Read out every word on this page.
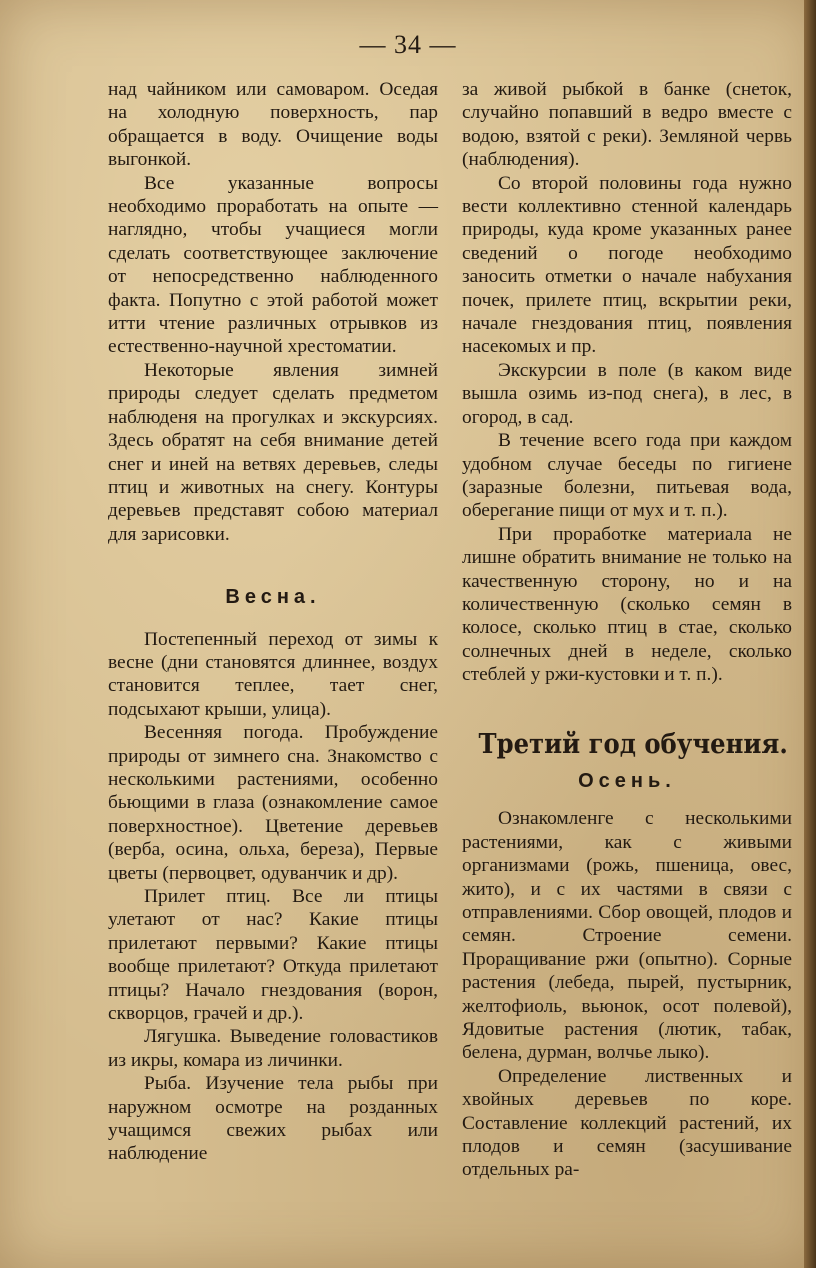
— 34 —

над чайником или самоваром. Оседая на холодную поверхность, пар обращается в воду. Очищение воды выгонкой.

Все указанные вопросы необходимо проработать на опыте — наглядно, чтобы учащиеся могли сделать соответствующее заключение от непосредственно наблюденного факта. Попутно с этой работой может итти чтение различных отрывков из естественно-научной хрестоматии.

Некоторые явления зимней природы следует сделать предметом наблюденя на прогулках и экскурсиях. Здесь обратят на себя внимание детей снег и иней на ветвях деревьев, следы птиц и животных на снегу. Контуры деревьев представят собою материал для зарисовки.

Весна.

Постепенный переход от зимы к весне (дни становятся длиннее, воздух становится теплее, тает снег, подсыхают крыши, улица).

Весенняя погода. Пробуждение природы от зимнего сна. Знакомство с несколькими растениями, особенно бьющими в глаза (ознакомление самое поверхностное). Цветение деревьев (верба, осина, ольха, береза), Первые цветы (первоцвет, одуванчик и др).

Прилет птиц. Все ли птицы улетают от нас? Какие птицы прилетают первыми? Какие птицы вообще прилетают? Откуда прилетают птицы? Начало гнездования (ворон, скворцов, грачей и др.).

Лягушка. Выведение головастиков из икры, комара из личинки.

Рыба. Изучение тела рыбы при наружном осмотре на розданных учащимся свежих рыбах или наблюдение

за живой рыбкой в банке (снеток, случайно попавший в ведро вместе с водою, взятой с реки). Земляной червь (наблюдения).

Со второй половины года нужно вести коллективно стенной календарь природы, куда кроме указанных ранее сведений о погоде необходимо заносить отметки о начале набухания почек, прилете птиц, вскрытии реки, начале гнездования птиц, появления насекомых и пр.

Экскурсии в поле (в каком виде вышла озимь из-под снега), в лес, в огород, в сад.

В течение всего года при каждом удобном случае беседы по гигиене (заразные болезни, питьевая вода, оберегание пищи от мух и т. п.).

При проработке материала не лишне обратить внимание не только на качественную сторону, но и на количественную (сколько семян в колосе, сколько птиц в стае, сколько солнечных дней в неделе, сколько стеблей у ржи-кустовки и т. п.).

Третий год обучения.
Осень.

Ознакомленге с несколькими растениями, как с живыми организмами (рожь, пшеница, овес, жито), и с их частями в связи с отправлениями. Сбор овощей, плодов и семян. Строение семени. Проращивание ржи (опытно). Сорные растения (лебеда, пырей, пустырник, желтофиоль, вьюнок, осот полевой), Ядовитые растения (лютик, табак, белена, дурман, волчье лыко).

Определение лиственных и хвойных деревьев по коре. Составление коллекций растений, их плодов и семян (засушивание отдельных ра-
